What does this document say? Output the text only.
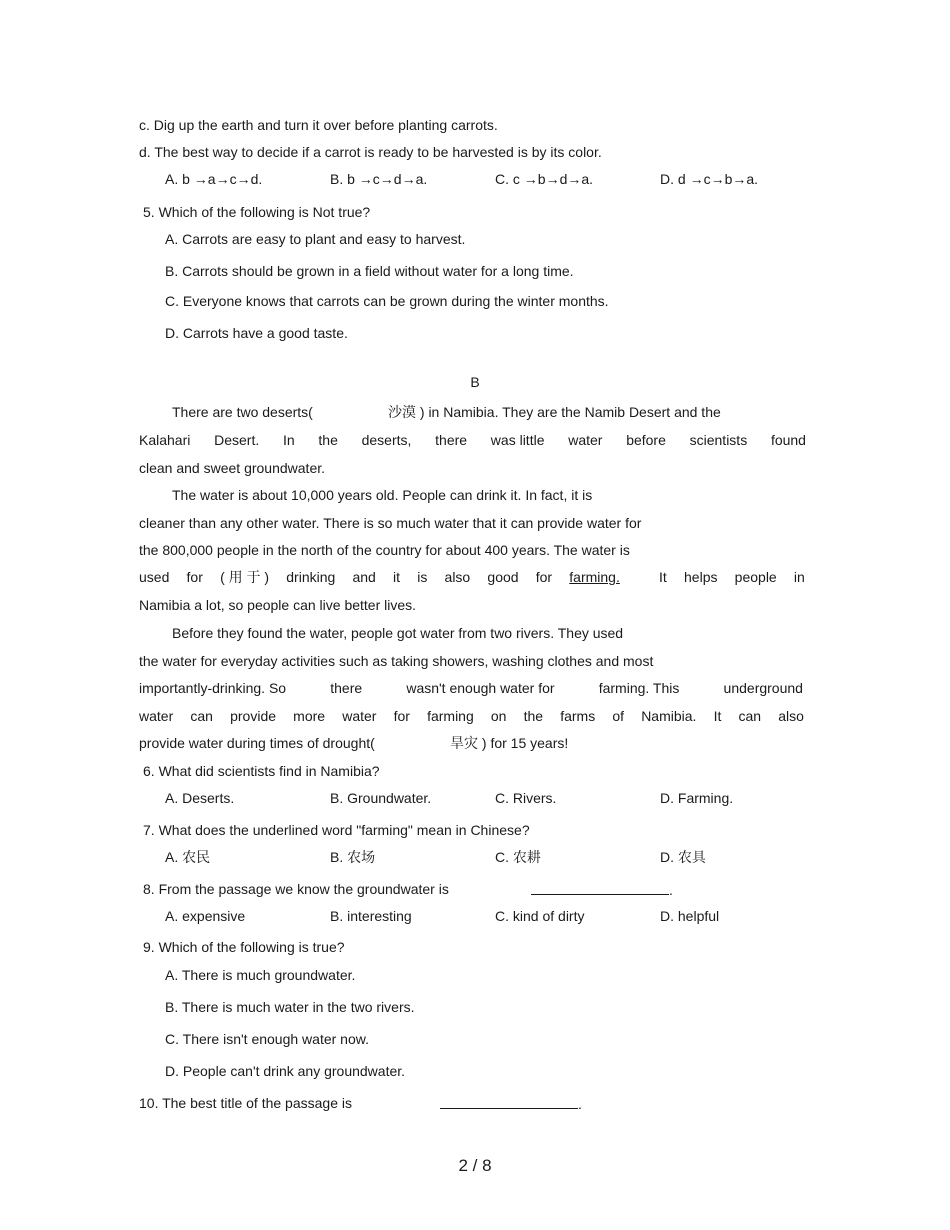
c. Dig up the earth and turn it over before planting carrots.
d. The best way to decide if a carrot is ready to be harvested is by its color.
A. b →a→c→d.	B. b →c→d→a.	C. c →b→d→a.	D. d →c→b→a.
5. Which of the following is Not true?
A. Carrots are easy to plant and easy to harvest.
B. Carrots should be grown in a field without water for a long time.
C. Everyone knows that carrots can be grown during the winter months.
D. Carrots have a good taste.
B
There are two deserts(	沙漠 ) in Namibia. They are the Namib Desert and the
Kalahari Desert. In the deserts, there was little water before scientists found
clean and sweet groundwater.
The water is about 10,000 years old. People can drink it. In fact, it is
cleaner than any other water. There is so much water that it can provide water for
the 800,000 people in the north of the country for about 400 years. The water is
used for ( 用 于 ) drinking and it is also good for farming.	It helps people in
Namibia a lot, so people can live better lives.
Before they found the water, people got water from two rivers. They used
the water for everyday activities such as taking showers, washing clothes and most
importantly-drinking. So	there	wasn't enough water for	farming. This	underground
water can provide more water for farming on the farms of Namibia. It can also
provide water during times of drought(	旱灾 ) for 15 years!
6. What did scientists find in Namibia?
A. Deserts.	B. Groundwater.	C. Rivers.	D. Farming.
7. What does the underlined word "farming" mean in Chinese?
A. 农民	B. 农场	C. 农耕	D. 农具
8. From the passage we know the groundwater is	.
A. expensive	B. interesting	C. kind of dirty	D. helpful
9. Which of the following is true?
A. There is much groundwater.
B. There is much water in the two rivers.
C. There isn't enough water now.
D. People can't drink any groundwater.
10. The best title of the passage is	.
2 / 8
